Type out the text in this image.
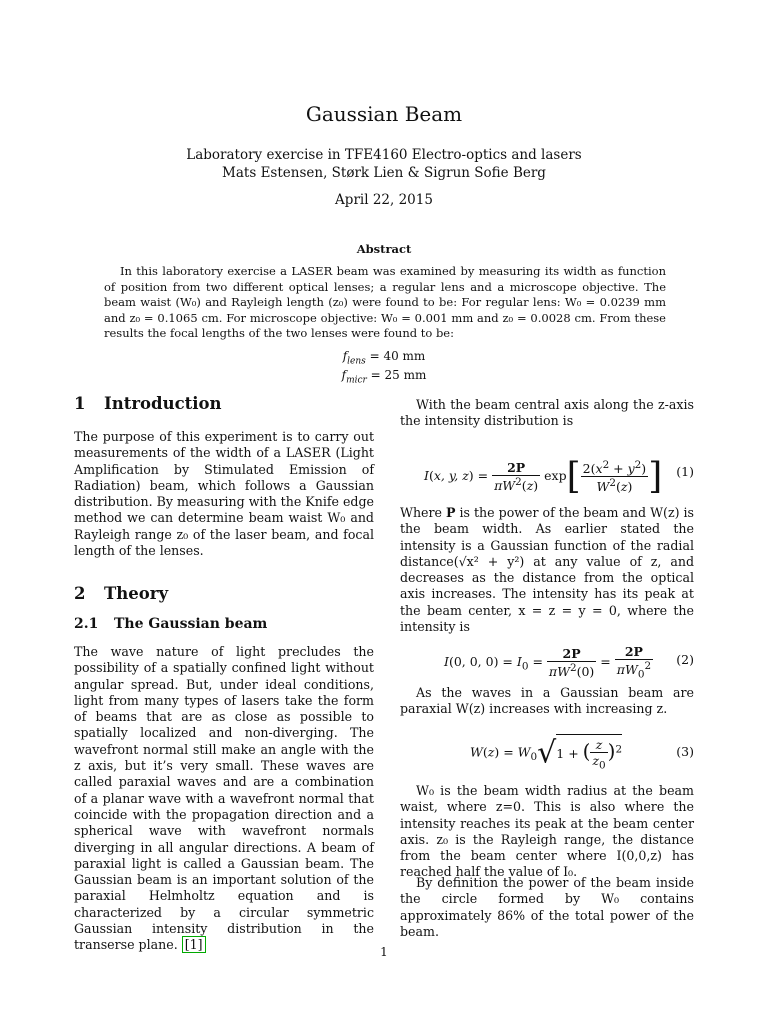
Gaussian Beam
Laboratory exercise in TFE4160 Electro-optics and lasers
Mats Estensen, Størk Lien & Sigrun Sofie Berg
April 22, 2015
Abstract
In this laboratory exercise a LASER beam was examined by measuring its width as function of position from two different optical lenses; a regular lens and a microscope objective. The beam waist (W₀) and Rayleigh length (z₀) were found to be: For regular lens: W₀ = 0.0239 mm and z₀ = 0.1065 cm. For microscope objective: W₀ = 0.001 mm and z₀ = 0.0028 cm. From these results the focal lengths of the two lenses were found to be:
$f_{lens} = 40$ mm
$f_{micr} = 25$ mm
1 Introduction
The purpose of this experiment is to carry out measurements of the width of a LASER (Light Amplification by Stimulated Emission of Radiation) beam, which follows a Gaussian distribution. By measuring with the Knife edge method we can determine beam waist W₀ and Rayleigh range z₀ of the laser beam, and focal length of the lenses.
2 Theory
2.1 The Gaussian beam
The wave nature of light precludes the possibility of a spatially confined light without angular spread. But, under ideal conditions, light from many types of lasers take the form of beams that are as close as possible to spatially localized and non-diverging. The wavefront normal still make an angle with the z axis, but it’s very small. These waves are called paraxial waves and are a combination of a planar wave with a wavefront normal that coincide with the propagation direction and a spherical wave with wavefront normals diverging in all angular directions. A beam of paraxial light is called a Gaussian beam. The Gaussian beam is an important solution of the paraxial Helmholtz equation and is characterized by a circular symmetric Gaussian intensity distribution in the transerse plane. [1]
With the beam central axis along the z-axis the intensity distribution is
I(x, y, $z) = \frac{2P}{\pi W^2(z)} \exp[ \frac{2(x^2 + y^2)}{W^2(z)}$ ] (1)
Where P is the power of the beam and W(z) is the beam width. As earlier stated the intensity is a Gaussian function of the radial distance(√x² + y²) at any value of z, and decreases as the distance from the optical axis increases. The intensity has its peak at the beam center, x = z = y = 0, where the intensity is
I(0, 0, $0) = I_0 = \frac{2P}{\pi W^2(0)} = \frac{2P}{\pi W_0^2} (2)$
As the waves in a Gaussian beam are paraxial W(z) increases with increasing z.
$W(z) = W_0√1$ + ( $\frac{z}{z_0} )^2$	(3)
W₀ is the beam width radius at the beam waist, where z=0. This is also where the intensity reaches its peak at the beam center axis. z₀ is the Rayleigh range, the distance from the beam center where I(0,0,z) has reached half the value of I₀.
By definition the power of the beam inside the circle formed by W₀ contains approximately 86% of the total power of the beam.
1
